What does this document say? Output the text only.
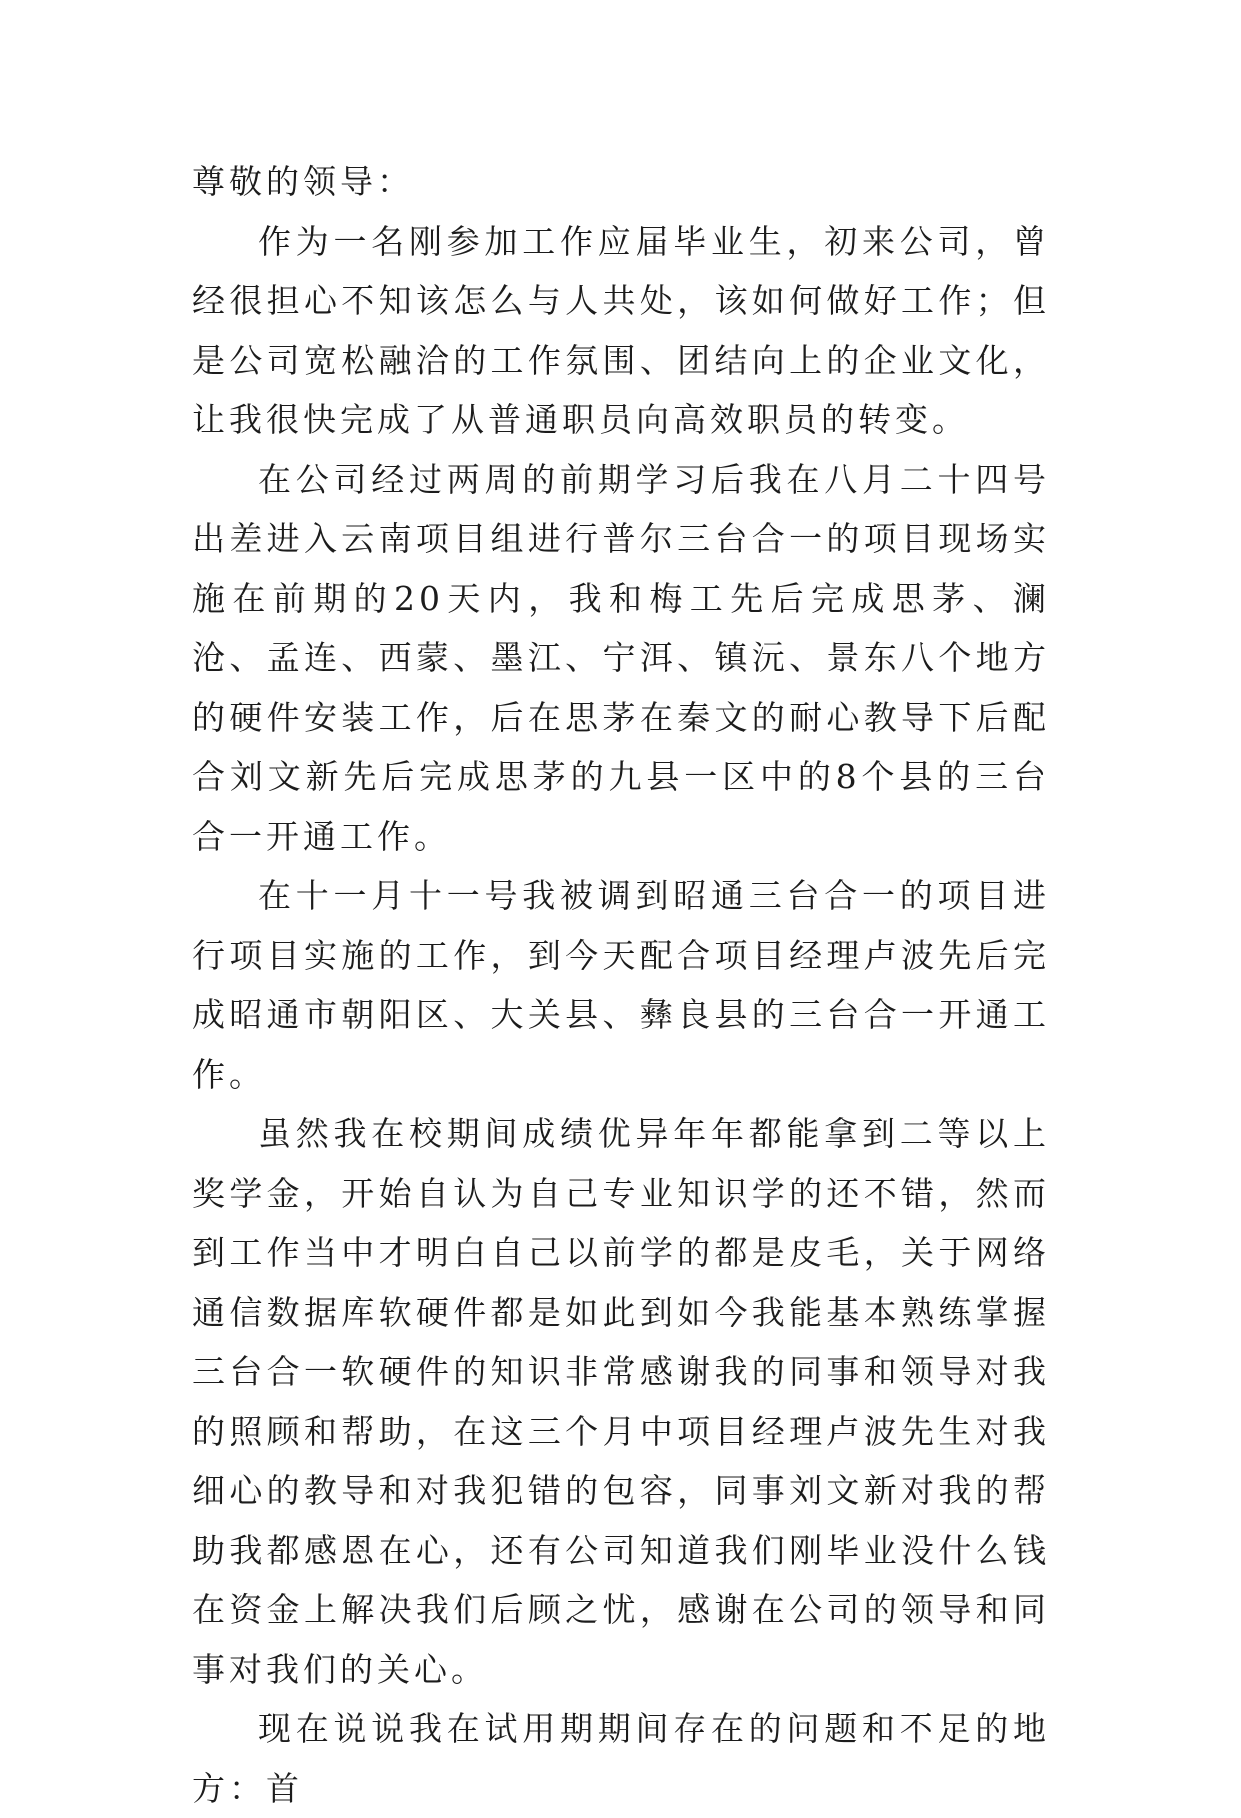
尊敬的领导：

作为一名刚参加工作应届毕业生，初来公司，曾经很担心不知该怎么与人共处，该如何做好工作；但是公司宽松融洽的工作氛围、团结向上的企业文化，让我很快完成了从普通职员向高效职员的转变。

在公司经过两周的前期学习后我在八月二十四号出差进入云南项目组进行普尔三台合一的项目现场实施在前期的20天内，我和梅工先后完成思茅、澜沧、孟连、西蒙、墨江、宁洱、镇沅、景东八个地方的硬件安装工作，后在思茅在秦文的耐心教导下后配合刘文新先后完成思茅的九县一区中的8个县的三台合一开通工作。

在十一月十一号我被调到昭通三台合一的项目进行项目实施的工作，到今天配合项目经理卢波先后完成昭通市朝阳区、大关县、彝良县的三台合一开通工作。

虽然我在校期间成绩优异年年都能拿到二等以上奖学金，开始自认为自己专业知识学的还不错，然而到工作当中才明白自己以前学的都是皮毛，关于网络通信数据库软硬件都是如此到如今我能基本熟练掌握三台合一软硬件的知识非常感谢我的同事和领导对我的照顾和帮助，在这三个月中项目经理卢波先生对我细心的教导和对我犯错的包容，同事刘文新对我的帮助我都感恩在心，还有公司知道我们刚毕业没什么钱在资金上解决我们后顾之忧，感谢在公司的领导和同事对我们的关心。

现在说说我在试用期期间存在的问题和不足的地方：首
